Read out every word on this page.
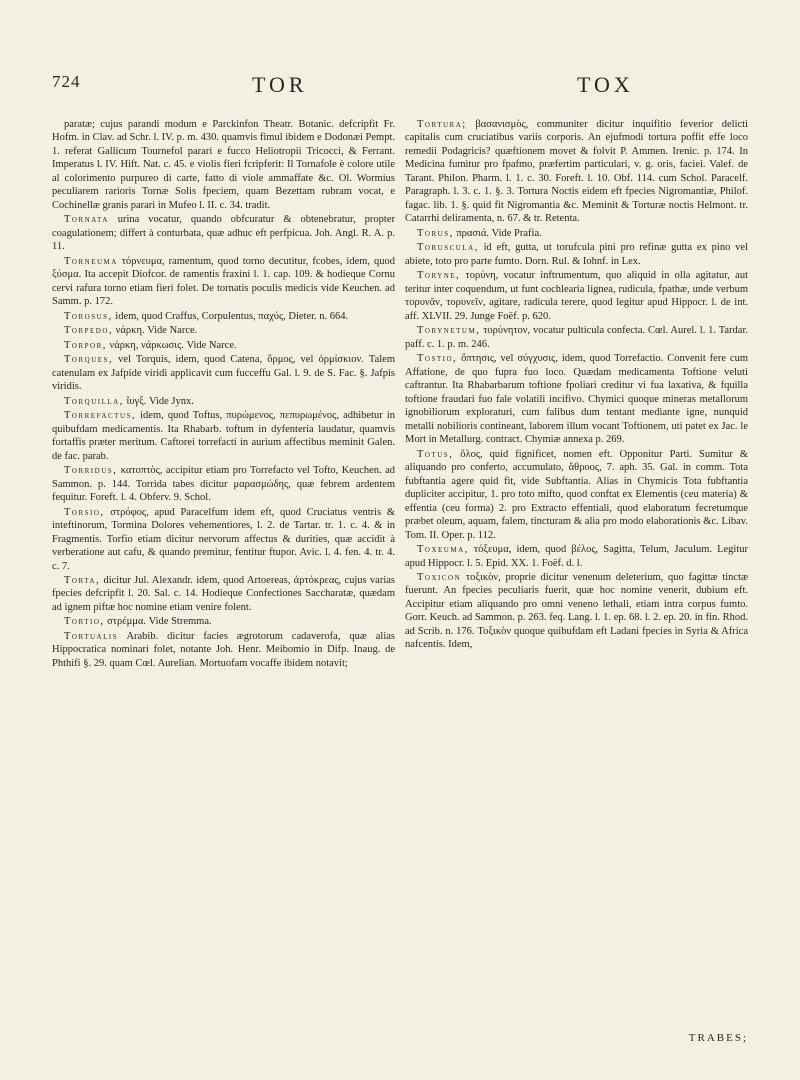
724	TOR	TOX

paratæ; cujus parandi modum e Parckinfon Theatr. Botanic. defcripfit Fr. Hofm. in Clav. ad Schr. l. IV. p. m. 430. quamvis fimul ibidem e Dodonæi Pempt. 1. referat Gallicum Tournefol parari e fucco Heliotropii Tricocci, & Ferrant. Imperatus l. IV. Hift. Nat. c. 45. e violis fieri fcripferit: Il Tornafole è colore utile al colorimento purpureo di carte, fatto di viole ammaffate &c. Ol. Wormius peculiarem rarioris Tornæ Solis fpeciem, quam Bezettam rubram vocat, e Cochinellæ granis parari in Mufeo l. II. c. 34. tradit.

Tornata urina vocatur, quando obfcuratur & obtenebratur, propter coagulationem; differt à conturbata, quæ adhuc eft perfpicua. Joh. Angl. R. A. p. 11.

Torneuma τόρνευμα, ramentum, quod torno decutitur, fcobes, idem, quod ξύσμα. Ita accepit Diofcor. de ramentis fraxini l. 1. cap. 109. & hodieque Cornu cervi rafura torno etiam fieri folet. De tornatis poculis medicis vide Keuchen. ad Samm. p. 172.

Torosus, idem, quod Craffus, Corpulentus, παχύς, Dieter. n. 664.

Torpedo, νάρκη. Vide Narce.

Torpor, νάρκη, νάρκωσις. Vide Narce.

Torques, vel Torquis, idem, quod Catena, ὅρμος, vel ὁρμίσκιον. Talem catenulam ex Jafpide viridi applicavit cum fucceffu Gal. l. 9. de S. Fac. §. Jafpis viridis.

Torquilla, ἴυγξ. Vide Jynx.

Torrefactus, idem, quod Toftus, πυρώμενος, πεπυρωμένος, adhibetur in quibufdam medicamentis. Ita Rhabarb. toftum in dyfenteria laudatur, quamvis fortaffis præter meritum. Caftorei torrefacti in aurium affectibus meminit Galen. de fac. parab.

Torridus, κατοπτὸς, accipitur etiam pro Torrefacto vel Tofto, Keuchen. ad Sammon. p. 144. Torrida tabes dicitur μαρασμώδης, quæ febrem ardentem fequitur. Foreft. l. 4. Obferv. 9. Schol.

Torsio, στρόφος, apud Paracelfum idem eft, quod Cruciatus ventris & inteftinorum, Tormina Dolores vehementiores, l. 2. de Tartar. tr. 1. c. 4. & in Fragmentis. Torfio etiam dicitur nervorum affectus & durities, quæ accidit à verberatione aut cafu, & quando premitur, fentitur ftupor. Avic. l. 4. fen. 4. tr. 4. c. 7.

Torta, dicitur Jul. Alexandr. idem, quod Artoereas, ἀρτόκρεας, cujus varias fpecies defcripfit l. 20. Sal. c. 14. Hodieque Confectiones Saccharatæ, quædam ad ignem piftæ hoc nomine etiam venire folent.

Tortio, στρέμμα. Vide Stremma.

Tortualis Arabib. dicitur facies ægrotorum cadaverofa, quæ alias Hippocratica nominari folet, notante Joh. Henr. Meibomio in Difp. Inaug. de Phthifi §. 29. quam Cœl. Aurelian. Mortuofam vocaffe ibidem notavit;

Tortura; βασανισμὸς, communiter dicitur inquifitio feverior delicti capitalis cum cruciatibus variis corporis. An ejufmodi tortura poffit effe loco remedii Podagricis? quæftionem movet & folvit P. Ammen. Irenic. p. 174. In Medicina fumitur pro fpafmo, præfertim particulari, v. g. oris, faciei. Valef. de Tarant. Philon. Pharm. l. 1. c. 30. Foreft. l. 10. Obf. 114. cum Schol. Paracelf. Paragraph. l. 3. c. 1. §. 3. Tortura Noctis eidem eft fpecies Nigromantiæ, Philof. fagac. lib. 1. §. quid fit Nigromantia &c. Meminit & Torturæ noctis Helmont. tr. Catarrhi deliramenta, n. 67. & tr. Retenta.

Torus, πρασιά. Vide Prafia.

Toruscula, id eft, gutta, ut torufcula pini pro refinæ gutta ex pino vel abiete, toto pro parte fumto. Dorn. Rul. & Iohnf. in Lex.

Toryne, τορύνη, vocatur inftrumentum, quo aliquid in olla agitatur, aut teritur inter coquendum, ut funt cochlearia lignea, rudicula, fpathæ, unde verbum τορυνᾶν, τορυνεῖν, agitare, radicula terere, quod legitur apud Hippocr. l. de int. aff. XLVII. 29. Junge Foëf. p. 620.

Torynetum, τορύνητον, vocatur pulticula confecta. Cœl. Aurel. l. 1. Tardar. paff. c. 1. p. m. 246.

Tostio, ὄπτησις, vel σύγχυσις, idem, quod Torrefactio. Convenit fere cum Affatione, de quo fupra fuo loco. Quædam medicamenta Toftione veluti caftrantur. Ita Rhabarbarum toftione fpoliari creditur vi fua laxativa, & fquilla toftione fraudari fuo fale volatili incifivo. Chymici quoque mineras metallorum ignobiliorum exploraturi, cum falibus dum tentant mediante igne, nunquid metalli nobilioris contineant, laborem illum vocant Toftionem, uti patet ex Jac. le Mort in Metallurg. contract. Chymiæ annexa p. 269.

Totus, ὅλος, quid fignificet, nomen eft. Opponitur Parti. Sumitur & aliquando pro conferto, accumulato, ἄθροος, 7. aph. 35. Gal. in comm. Tota fubftantia agere quid fit, vide Subftantia. Alias in Chymicis Tota fubftantia dupliciter accipitur, 1. pro toto mifto, quod conftat ex Elementis (ceu materia) & effentia (ceu forma) 2. pro Extracto effentiali, quod elaboratum fecretumque præbet oleum, aquam, falem, tincturam & alia pro modo elaborationis &c. Libav. Tom. II. Oper. p. 112.

Toxeuma, τόξευμα, idem, quod βέλος, Sagitta, Telum, Jaculum. Legitur apud Hippocr. l. 5. Epid. XX. 1. Foëf. d. l.

Toxicon τοξικὸν, proprie dicitur venenum deleterium, quo fagittæ tinctæ fuerunt. An fpecies peculiaris fuerit, quæ hoc nomine venerit, dubium eft. Accipitur etiam aliquando pro omni veneno lethali, etiam intra corpus fumto. Gorr. Keuch. ad Sammon. p. 263. feq. Lang. l. 1. ep. 68. l. 2. ep. 20. in fin. Rhod. ad Scrib. n. 176. Τοξικὸν quoque quibufdam eft Ladani fpecies in Syria & Africa nafcentis. Idem,

TRABES;
